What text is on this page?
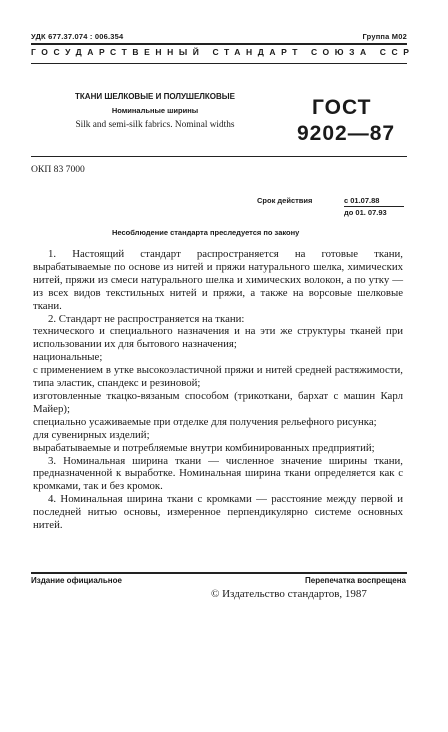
УДК 677.37.074 : 006.354	Группа М02
ГОСУДАРСТВЕННЫЙ СТАНДАРТ СОЮЗА ССР
ТКАНИ ШЕЛКОВЫЕ И ПОЛУШЕЛКОВЫЕ
Номинальные ширины
Silk and semi-silk fabrics. Nominal widths
ГОСТ
9202—87
ОКП 83 7000
Срок действия	с 01.07.88
до 01. 07.93
Несоблюдение стандарта преследуется по закону

1. Настоящий стандарт распространяется на готовые ткани, вырабатываемые по основе из нитей и пряжи натурального шелка, химических нитей, пряжи из смеси натурального шелка и химических волокон, а по утку — из всех видов текстильных нитей и пряжи, а также на ворсовые шелковые ткани.

2. Стандарт не распространяется на ткани:

технического и специального назначения и на эти же структуры тканей при использовании их для бытового назначения;

национальные;

с применением в утке высокоэластичной пряжи и нитей средней растяжимости, типа эластик, спандекс и резиновой;

изготовленные ткацко-вязаным способом (трикоткани, бархат с машин Карл Майер);

специально усаживаемые при отделке для получения рельефного рисунка;

для сувенирных изделий;

вырабатываемые и потребляемые внутри комбинированных предприятий;

3. Номинальная ширина ткани — численное значение ширины ткани, предназначенной к выработке. Номинальная ширина ткани определяется как с кромками, так и без кромок.

4. Номинальная ширина ткани с кромками — расстояние между первой и последней нитью основы, измеренное перпендикулярно системе основных нитей.

Издание официальное	Перепечатка воспрещена
© Издательство стандартов, 1987
